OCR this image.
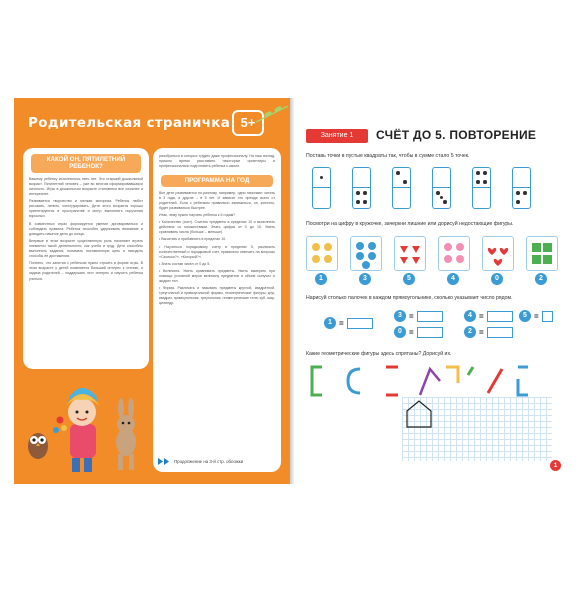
Родительская страничка 5+
КАКОЙ ОН, ПЯТИЛЕТНИЙ РЕБЕНОК?

Вашему ребенку исполнилось пять лет. Это старший дошкольный возраст. Пятилетний человек – уже во многом сформировавшаяся личность. Игры в дошкольном возрасте становятся все сложнее и интереснее.

Развивается творчество и мелкая моторика. Ребенок любит рисовать, лепить, конструировать. Дети этого возраста хорошо ориентируются в пространстве и могут выполнять поручения взрослых.

В совместных играх формируется умение договариваться и соблюдать правила. Ребенок способен удерживать внимание и доводить начатое дело до конца.

Впервые в этом возрасте существенную роль начинают играть элементы такой деятельности, как учеба и труд. Дети способны выполнять задания, понимать поставленную цель и находить способы ее достижения.

Понятно, что занятия с ребенком нужно строить в форме игры. В этом возрасте у детей появляется больший интерес к чтению, и задача родителей – поддержать этот интерес и научить ребенка учиться.

разобраться в которых трудно даже профессионалу. На наш взгляд, пришло время расставить некоторые ориентиры и профессионально подготовить ребенка к школе.

ПРОГРАММА НА ГОД

Все дети развиваются по-разному, например, одни начинают читать в 3 года, а другие – в 5 лет. И зависит это прежде всего от родителей. Если с ребенком правильно заниматься, он, конечно, будет развиваться быстрее.

Итак, чему нужно научить ребенка к 6 годам?

• Количество (счет). Считать предметы в пределах 10 и выполнять действия со множествами. Знать цифры от 0 до 10. Уметь сравнивать числа (больше – меньше).

• Вычитать и прибавлять в пределах 10.

• Научиться порядковому счету в пределах 5, различать количественный и порядковый счет, правильно отвечать на вопросы «Сколько?», «Который?».

• Знать состав чисел от 0 до 5.

• Величина. Уметь сравнивать предметы. Уметь измерять при помощи условной мерки величину предметов и объем сыпучих и жидких тел.

• Форма. Различать и называть предметы круглой, квадратной, треугольной и прямоугольной формы, геометрические фигуры: круг, квадрат, прямоугольник, треугольник, геометрические тела: куб, шар, цилиндр.

Продолжение на 3-й стр. обложки
Занятие 1	СЧЁТ ДО 5. ПОВТОРЕНИЕ
Поставь точки в пустые квадраты так, чтобы в сумме стало 5 точек.
Посмотри на цифру в кружочке, зачеркни лишние или дорисуй недостающие фигуры.
1	3	5	4	0	2
Нарисуй столько палочек в каждом прямоугольнике, сколько указывает число рядом.
1 =
3 =
0 =
4 =
2 =
5 =
Какие геометрические фигуры здесь спрятаны? Дорисуй их.
1
